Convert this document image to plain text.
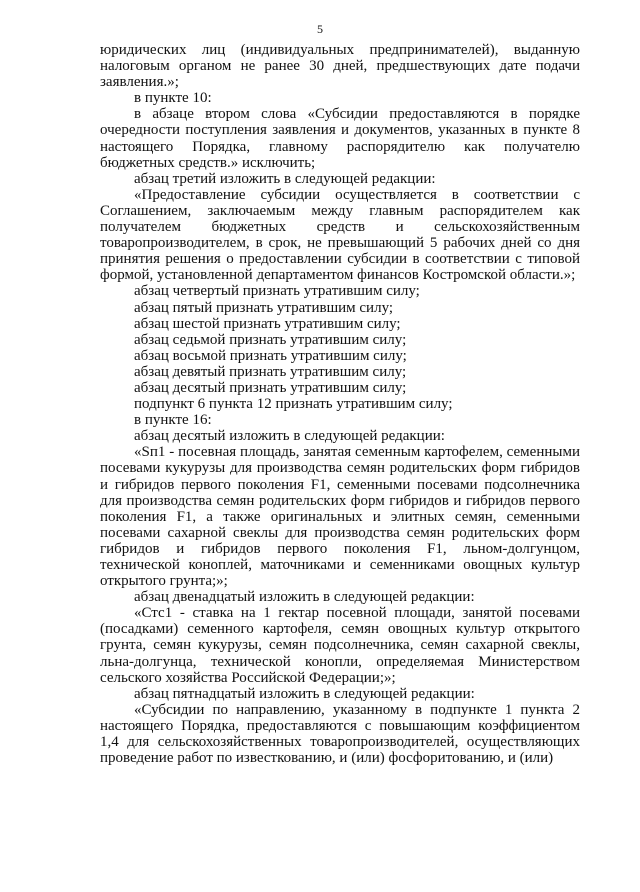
5

юридических лиц (индивидуальных предпринимателей), выданную налоговым органом не ранее 30 дней, предшествующих дате подачи заявления.»;

в пункте 10:

в абзаце втором слова «Субсидии предоставляются в порядке очередности поступления заявления и документов, указанных в пункте 8 настоящего Порядка, главному распорядителю как получателю бюджетных средств.» исключить;

абзац третий изложить в следующей редакции:

«Предоставление субсидии осуществляется в соответствии с Соглашением, заключаемым между главным распорядителем как получателем бюджетных средств и сельскохозяйственным товаропроизводителем, в срок, не превышающий 5 рабочих дней со дня принятия решения о предоставлении субсидии в соответствии с типовой формой, установленной департаментом финансов Костромской области.»;

абзац четвертый признать утратившим силу;

абзац пятый признать утратившим силу;

абзац шестой признать утратившим силу;

абзац седьмой признать утратившим силу;

абзац восьмой признать утратившим силу;

абзац девятый признать утратившим силу;

абзац десятый признать утратившим силу;

подпункт 6 пункта 12 признать утратившим силу;

в пункте 16:

абзац десятый изложить в следующей редакции:

«Sп1 - посевная площадь, занятая семенным картофелем, семенными посевами кукурузы для производства семян родительских форм гибридов и гибридов первого поколения F1, семенными посевами подсолнечника для производства семян родительских форм гибридов и гибридов первого поколения F1, а также оригинальных и элитных семян, семенными посевами сахарной свеклы для производства семян родительских форм гибридов и гибридов первого поколения F1, льном-долгунцом, технической коноплей, маточниками и семенниками овощных культур открытого грунта;»;

абзац двенадцатый изложить в следующей редакции:

«Стс1 - ставка на 1 гектар посевной площади, занятой посевами (посадками) семенного картофеля, семян овощных культур открытого грунта, семян кукурузы, семян подсолнечника, семян сахарной свеклы, льна-долгунца, технической конопли, определяемая Министерством сельского хозяйства Российской Федерации;»;

абзац пятнадцатый изложить в следующей редакции:

«Субсидии по направлению, указанному в подпункте 1 пункта 2 настоящего Порядка, предоставляются с повышающим коэффициентом 1,4 для сельскохозяйственных товаропроизводителей, осуществляющих проведение работ по известкованию, и (или) фосфоритованию, и (или)
